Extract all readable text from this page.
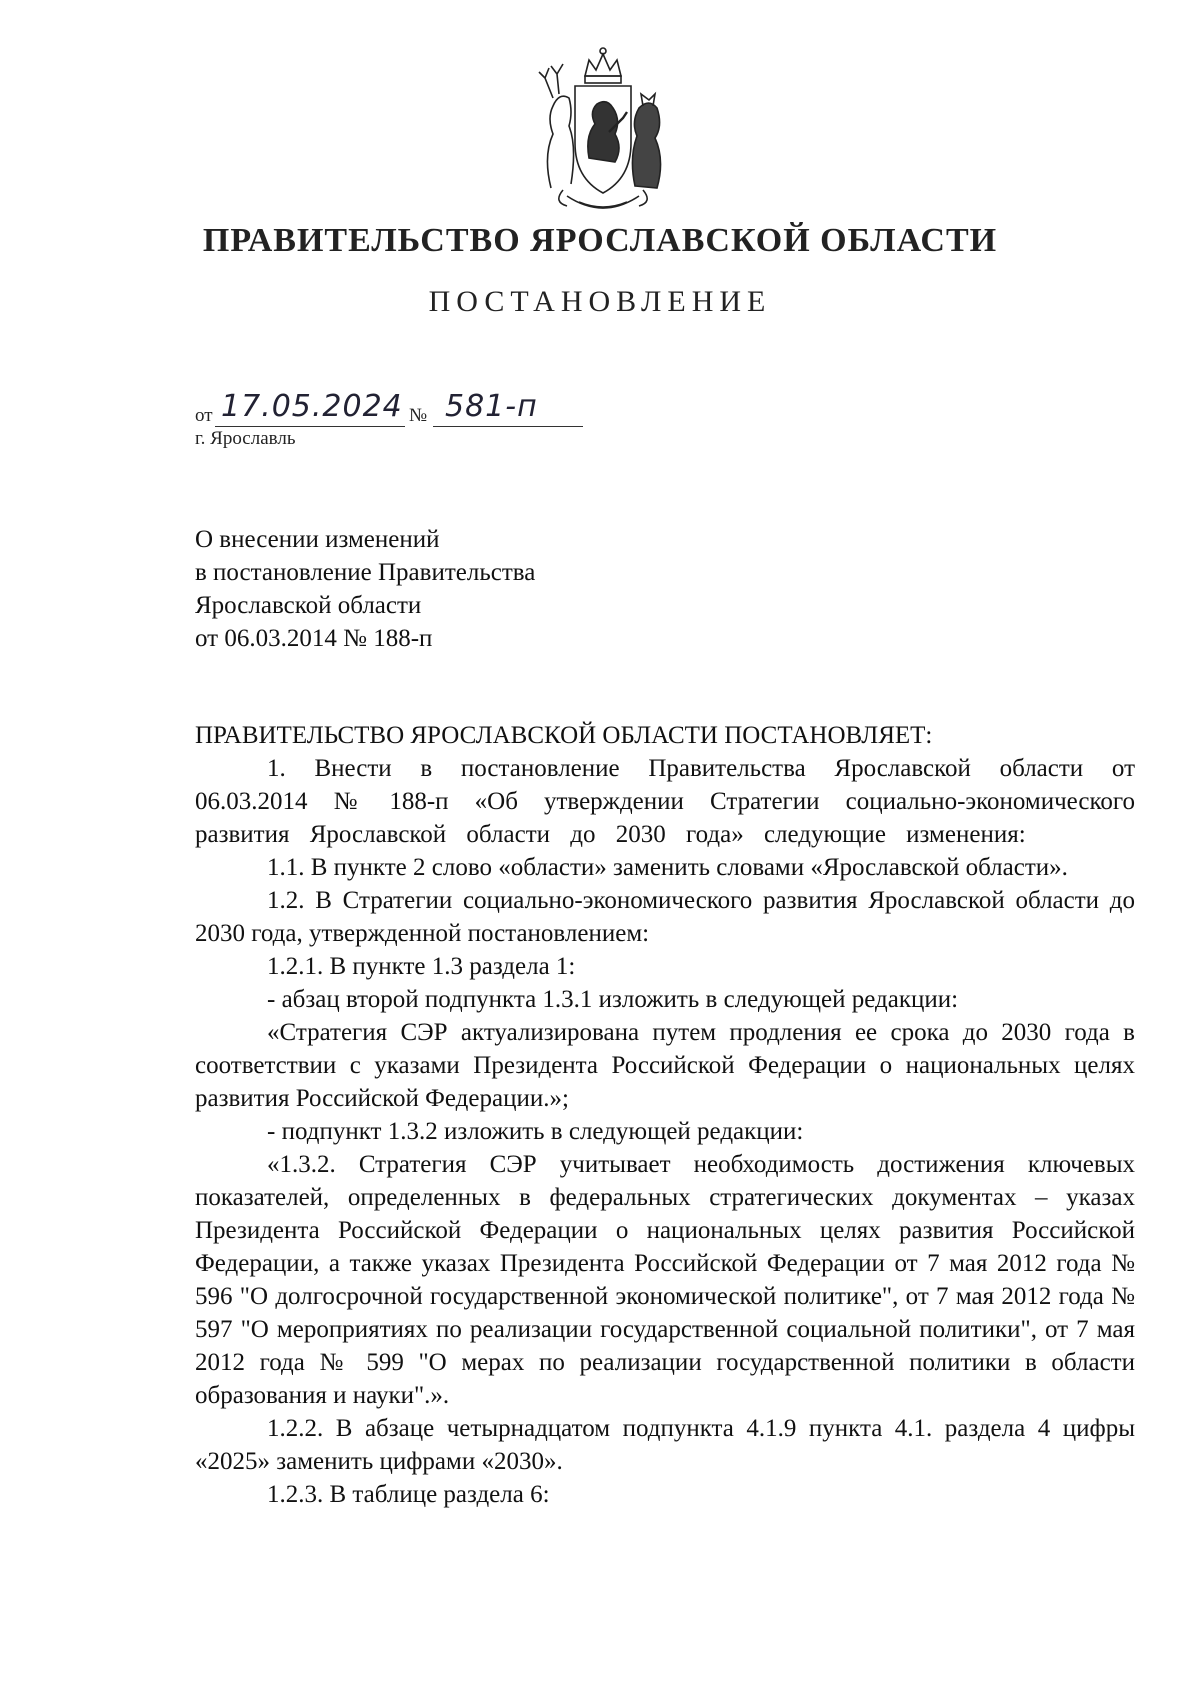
ПРАВИТЕЛЬСТВО ЯРОСЛАВСКОЙ ОБЛАСТИ
ПОСТАНОВЛЕНИЕ
от 17.05.2024 № 581-п
г. Ярославль
О внесении изменений
в постановление Правительства
Ярославской области
от 06.03.2014 № 188-п

ПРАВИТЕЛЬСТВО ЯРОСЛАВСКОЙ ОБЛАСТИ ПОСТАНОВЛЯЕТ:

1. Внести в постановление Правительства Ярославской области от 06.03.2014 № 188-п «Об утверждении Стратегии социально-экономического развития Ярославской области до 2030 года» следующие изменения:

1.1. В пункте 2 слово «области» заменить словами «Ярославской области».

1.2. В Стратегии социально-экономического развития Ярославской области до 2030 года, утвержденной постановлением:

1.2.1. В пункте 1.3 раздела 1:

- абзац второй подпункта 1.3.1 изложить в следующей редакции:

«Стратегия СЭР актуализирована путем продления ее срока до 2030 года в соответствии с указами Президента Российской Федерации о национальных целях развития Российской Федерации.»;

- подпункт 1.3.2 изложить в следующей редакции:

«1.3.2. Стратегия СЭР учитывает необходимость достижения ключевых показателей, определенных в федеральных стратегических документах – указах Президента Российской Федерации о национальных целях развития Российской Федерации, а также указах Президента Российской Федерации от 7 мая 2012 года № 596 "О долгосрочной государственной экономической политике", от 7 мая 2012 года № 597 "О мероприятиях по реализации государственной социальной политики", от 7 мая 2012 года № 599 "О мерах по реализации государственной политики в области образования и науки".».

1.2.2. В абзаце четырнадцатом подпункта 4.1.9 пункта 4.1. раздела 4 цифры «2025» заменить цифрами «2030».

1.2.3. В таблице раздела 6:
